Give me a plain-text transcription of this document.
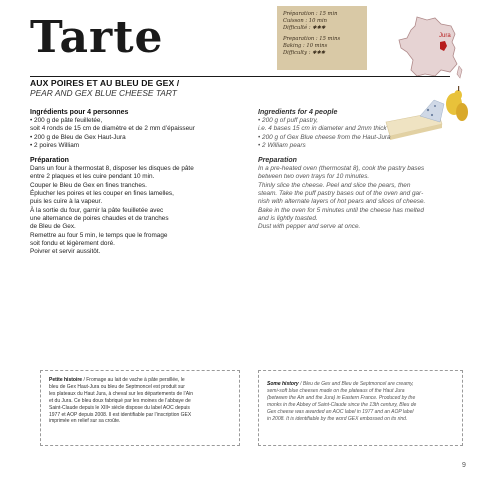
Tarte	Préparation : 15 min
Cuisson : 10 min
Difficulté : ✱✱✱
Preparation : 15 mins
Baking : 10 mins
Difficulty : ✱✱✱
Jura
AUX POIRES ET AU BLEU DE GEX /
PEAR AND GEX BLUE CHEESE TART
Ingrédients pour 4 personnes

• 200 g de pâte feuilletée,

soit 4 ronds de 15 cm de diamètre et de 2 mm d’épaisseur

• 200 g de Bleu de Gex Haut-Jura

• 2 poires William

Préparation

Dans un four à thermostat 8, disposer les disques de pâte

entre 2 plaques et les cuire pendant 10 min.

Couper le Bleu de Gex en fines tranches.

Éplucher les poires et les couper en fines lamelles,

puis les cuire à la vapeur.

À la sortie du four, garnir la pâte feuilletée avec

une alternance de poires chaudes et de tranches

de Bleu de Gex.

Remettre au four 5 min, le temps que le fromage

soit fondu et légèrement doré.

Poivrer et servir aussitôt.

Ingredients for 4 people

• 200 g of puff pastry,

i.e. 4 bases 15 cm in diameter and 2mm thick

• 200 g of Gex Blue cheese from the Haut-Jura

• 2 William pears

Preparation

In a pre-heated oven (thermostat 8), cook the pastry bases

between two oven trays for 10 minutes.

Thinly slice the cheese. Peel and slice the pears, then

steam. Take the puff pastry bases out of the oven and gar-

nish with alternate layers of hot pears and slices of cheese.

Bake in the oven for 5 minutes until the cheese has melted

and is lightly toasted.

Dust with pepper and serve at once.

Petite histoire / Fromage au lait de vache à pâte persillée, le
bleu de Gex Haut-Jura ou bleu de Septmoncel est produit sur
les plateaux du Haut Jura, à cheval sur les départements de l’Ain
et du Jura. Ce bleu doux fabriqué par les moines de l’abbaye de
Saint-Claude depuis le XIIIᵉ siècle dispose du label AOC depuis
1977 et AOP depuis 2008. Il est identifiable par l’inscription GEX
imprimée en relief sur sa croûte.
Some history / Bleu de Gex and Bleu de Septmoncel are creamy,
semi-soft blue cheeses made on the plateaus of the Haut Jura
(between the Ain and the Jura) in Eastern France. Produced by the
monks in the Abbey of Saint-Claude since the 13th century, Bleu de
Gex cheese was awarded an AOC label in 1977 and an AOP label
in 2008. It is identifiable by the word GEX embossed on its rind.
9
